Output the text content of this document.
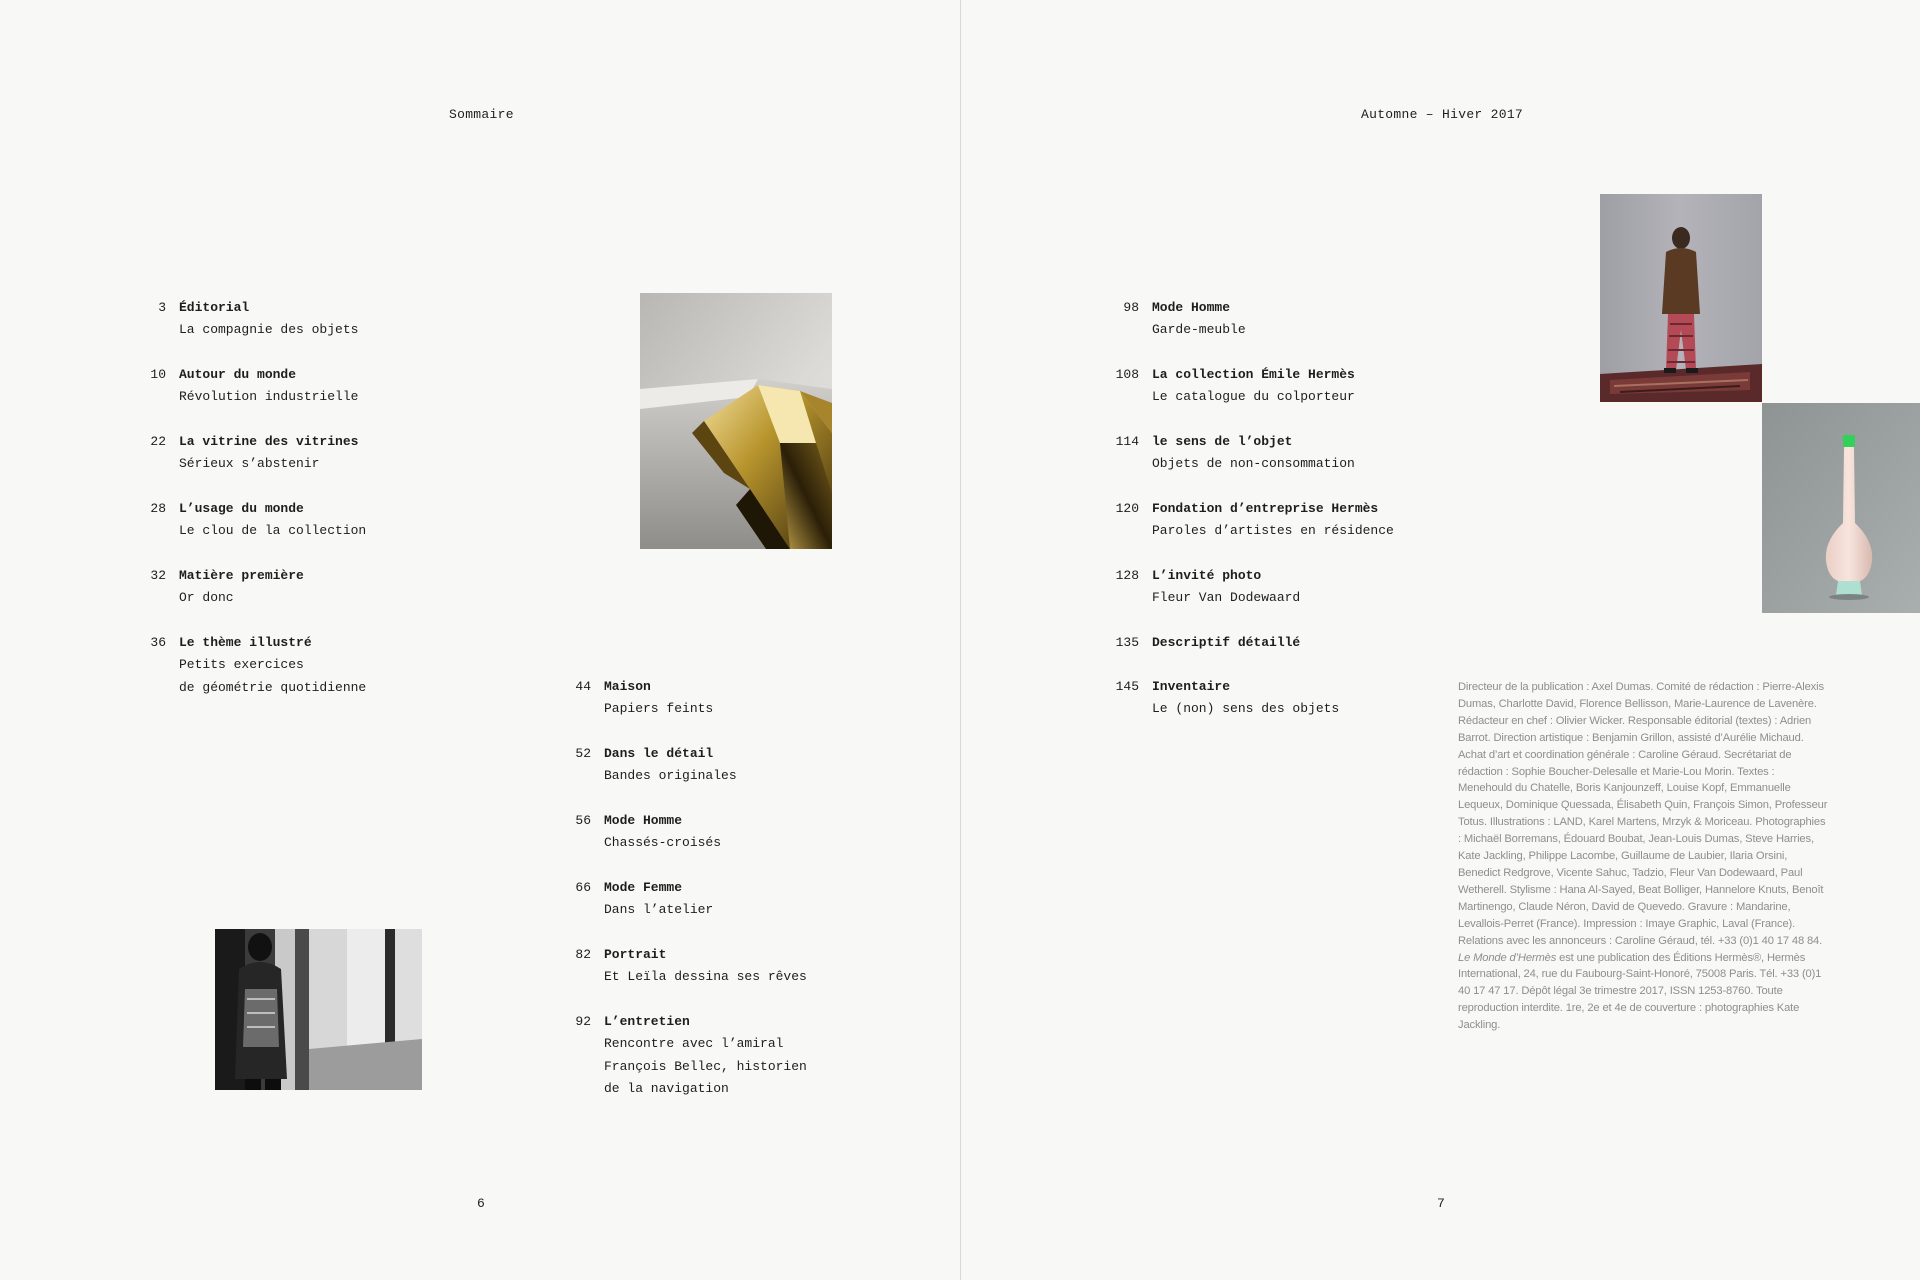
Sommaire
3 Éditorial
La compagnie des objets
10 Autour du monde
Révolution industrielle
22 La vitrine des vitrines
Sérieux s’abstenir
28 L’usage du monde
Le clou de la collection
32 Matière première
Or donc
36 Le thème illustré
Petits exercices
de géométrie quotidienne	44 Maison
Papiers feints
52 Dans le détail
Bandes originales
56 Mode Homme
Chassés-croisés
66 Mode Femme
Dans l’atelier
82 Portrait
Et Leïla dessina ses rêves
92 L’entretien
Rencontre avec l’amiral
François Bellec, historien
de la navigation
6
Automne – Hiver 2017
98 Mode Homme
Garde-meuble
108 La collection Émile Hermès
Le catalogue du colporteur
114 le sens de l’objet
Objets de non-consommation
120 Fondation d’entreprise Hermès
Paroles d’artistes en résidence
128 L’invité photo
Fleur Van Dodewaard
135 Descriptif détaillé
145 Inventaire
Le (non) sens des objets
Directeur de la publication : Axel Dumas. Comité de rédaction : Pierre-Alexis Dumas, Charlotte David, Florence Bellisson, Marie-Laurence de Lavenère. Rédacteur en chef : Olivier Wicker. Responsable éditorial (textes) : Adrien Barrot. Direction artistique : Benjamin Grillon, assisté d’Aurélie Michaud. Achat d’art et coordination générale : Caroline Géraud. Secrétariat de rédaction : Sophie Boucher-Delesalle et Marie-Lou Morin. Textes : Menehould du Chatelle, Boris Kanjounzeff, Louise Kopf, Emmanuelle Lequeux, Dominique Quessada, Élisabeth Quin, François Simon, Professeur Totus. Illustrations : LAND, Karel Martens, Mrzyk & Moriceau. Photographies : Michaël Borremans, Édouard Boubat, Jean-Louis Dumas, Steve Harries, Kate Jackling, Philippe Lacombe, Guillaume de Laubier, Ilaria Orsini, Benedict Redgrove, Vicente Sahuc, Tadzio, Fleur Van Dodewaard, Paul Wetherell. Stylisme : Hana Al-Sayed, Beat Bolliger, Hannelore Knuts, Benoît Martinengo, Claude Néron, David de Quevedo. Gravure : Mandarine, Levallois-Perret (France). Impression : Imaye Graphic, Laval (France). Relations avec les annonceurs : Caroline Géraud, tél. +33 (0)1 40 17 48 84. Le Monde d’Hermès est une publication des Éditions Hermès®, Hermès International, 24, rue du Faubourg-Saint-Honoré, 75008 Paris. Tél. +33 (0)1 40 17 47 17. Dépôt légal 3e trimestre 2017, ISSN 1253-8760. Toute reproduction interdite. 1re, 2e et 4e de couverture : photographies Kate Jackling.
7
